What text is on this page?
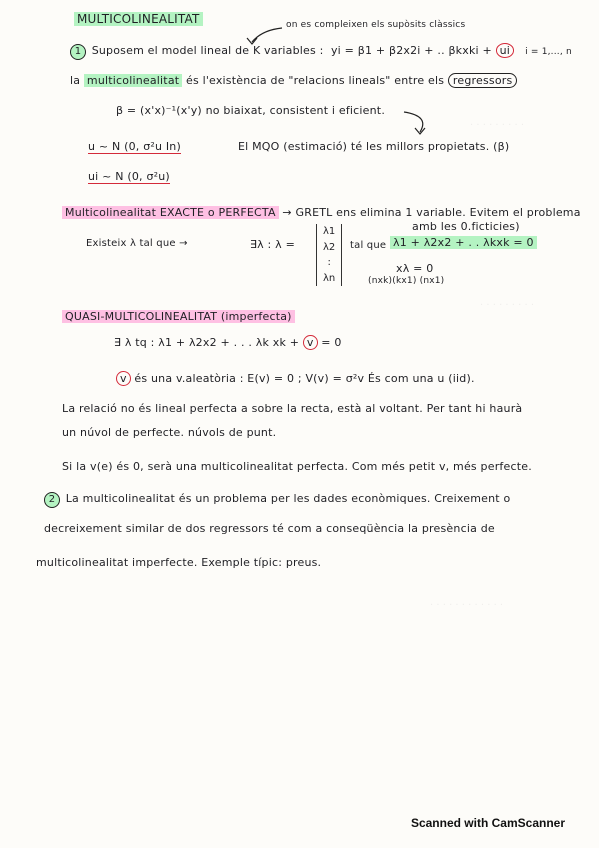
· · · · · · · · ·
· · · · · · · · ·
· · · · · · · · · · · ·
MULTICOLINEALITAT	on es compleixen els supòsits clàssics
1 Suposem el model lineal de K variables : yi = β1 + β2x2i + .. βkxki + ui i = 1,..., n
la multicolinealitat és l'existència de "relacions lineals" entre els regressors
β = (x'x)⁻¹(x'y) no biaixat, consistent i eficient.
u ~ N (0, σ²u In)	El MQO (estimació) té les millors propietats. (β)
ui ~ N (0, σ²u)
Multicolinealitat EXACTE o PERFECTA → GRETL ens elimina 1 variable. Evitem el problema
amb les 0.ficticies)
Existeix λ tal que →	∃λ : λ =
λ1
λ2
:
λn
tal que λ1 + λ2x2 + . . λkxk = 0
xλ = 0
(nxk)(kx1) (nx1)
QUASI-MULTICOLINEALITAT (imperfecta)
∃ λ tq : λ1 + λ2x2 + . . . λk xk + v = 0
v és una v.aleatòria : E(v) = 0 ; V(v) = σ²v És com una u (iid).
La relació no és lineal perfecta a sobre la recta, està al voltant. Per tant hi haurà
un núvol de perfecte. núvols de punt.
Si la v(e) és 0, serà una multicolinealitat perfecta. Com més petit v, més perfecte.
2 La multicolinealitat és un problema per les dades econòmiques. Creixement o
decreixement similar de dos regressors té com a conseqüència la presència de
multicolinealitat imperfecte. Exemple típic: preus.
Scanned with CamScanner
